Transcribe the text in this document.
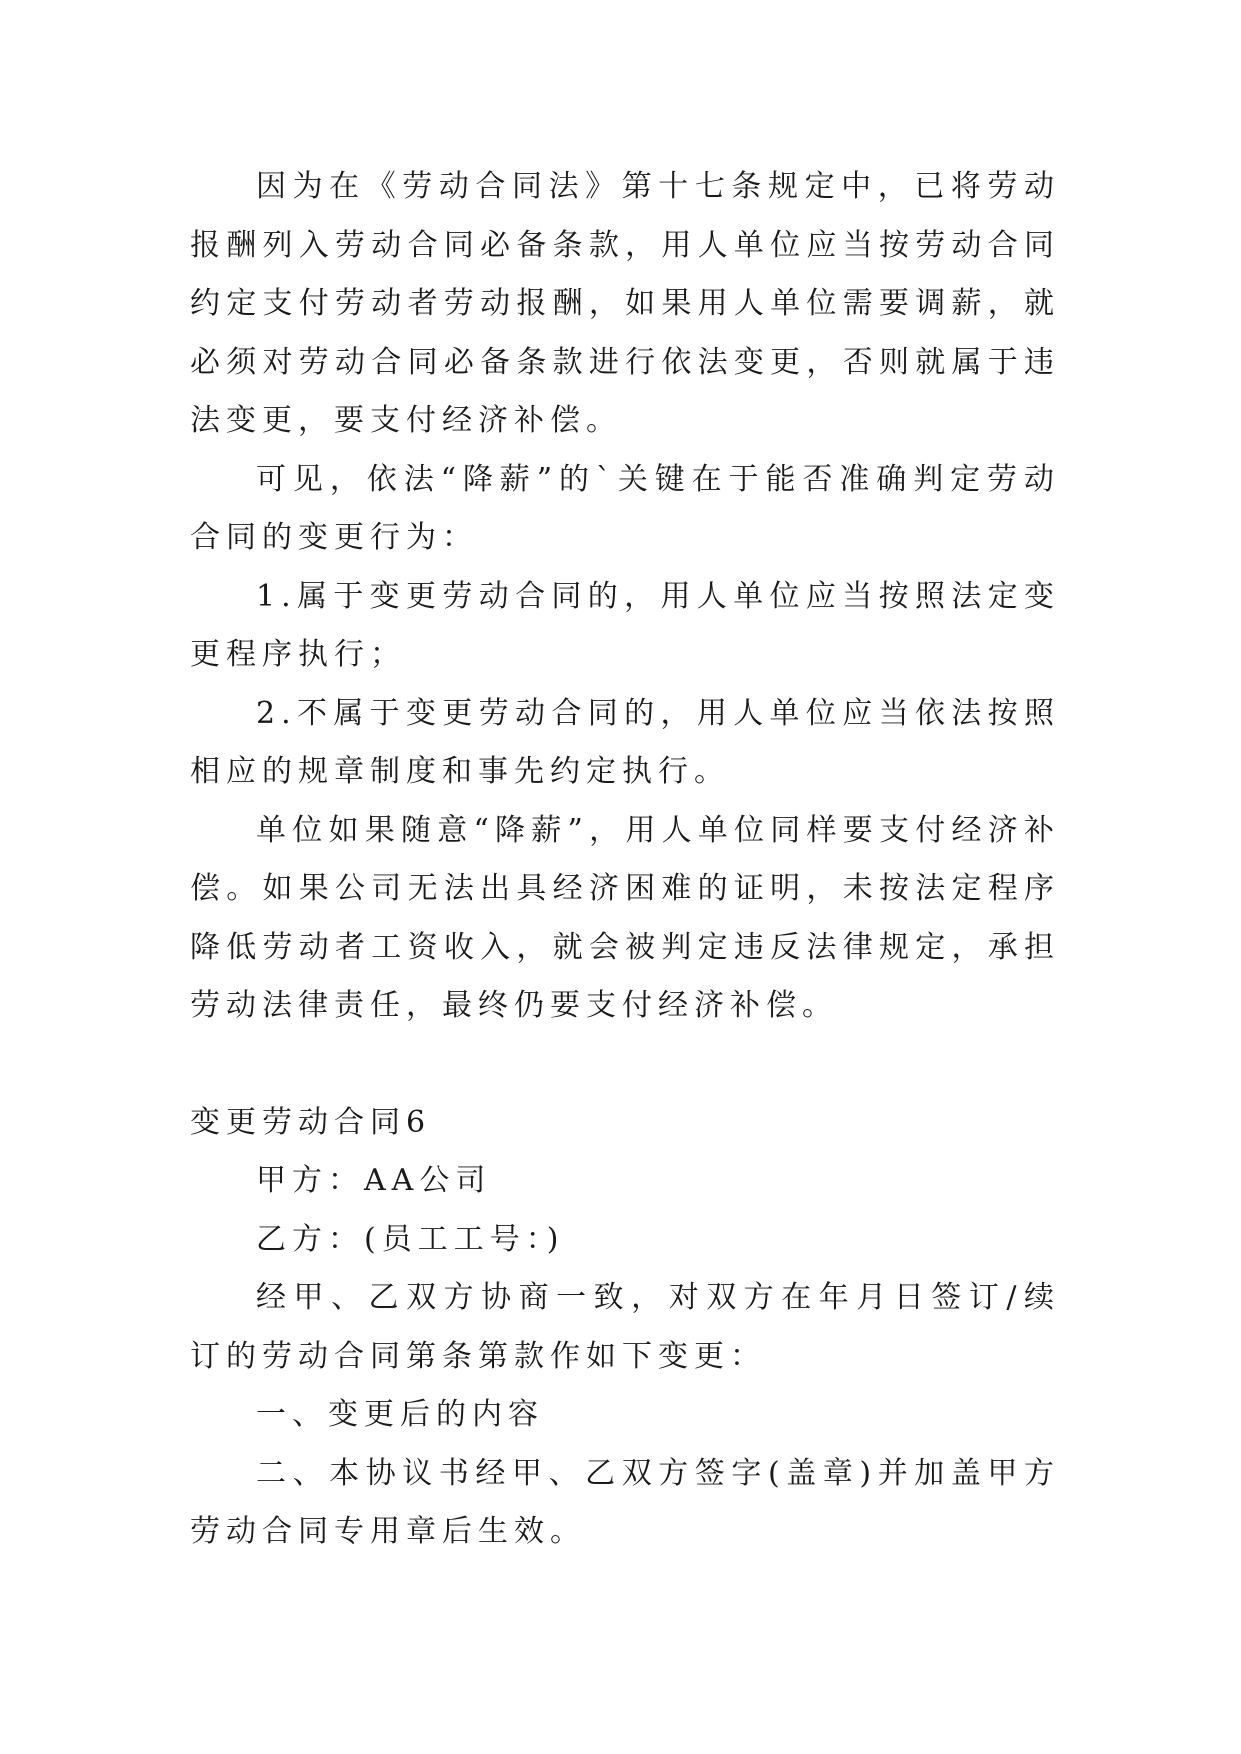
因为在《劳动合同法》第十七条规定中，已将劳动报酬列入劳动合同必备条款，用人单位应当按劳动合同约定支付劳动者劳动报酬，如果用人单位需要调薪，就必须对劳动合同必备条款进行依法变更，否则就属于违法变更，要支付经济补偿。

可见，依法“降薪”的`关键在于能否准确判定劳动合同的变更行为：

1.属于变更劳动合同的，用人单位应当按照法定变更程序执行；

2.不属于变更劳动合同的，用人单位应当依法按照相应的规章制度和事先约定执行。

单位如果随意“降薪”，用人单位同样要支付经济补偿。如果公司无法出具经济困难的证明，未按法定程序降低劳动者工资收入，就会被判定违反法律规定，承担劳动法律责任，最终仍要支付经济补偿。

变更劳动合同6

甲方：AA公司

乙方：(员工工号：)

经甲、乙双方协商一致，对双方在年月日签订/续订的劳动合同第条第款作如下变更：

一、变更后的内容

二、本协议书经甲、乙双方签字(盖章)并加盖甲方劳动合同专用章后生效。
